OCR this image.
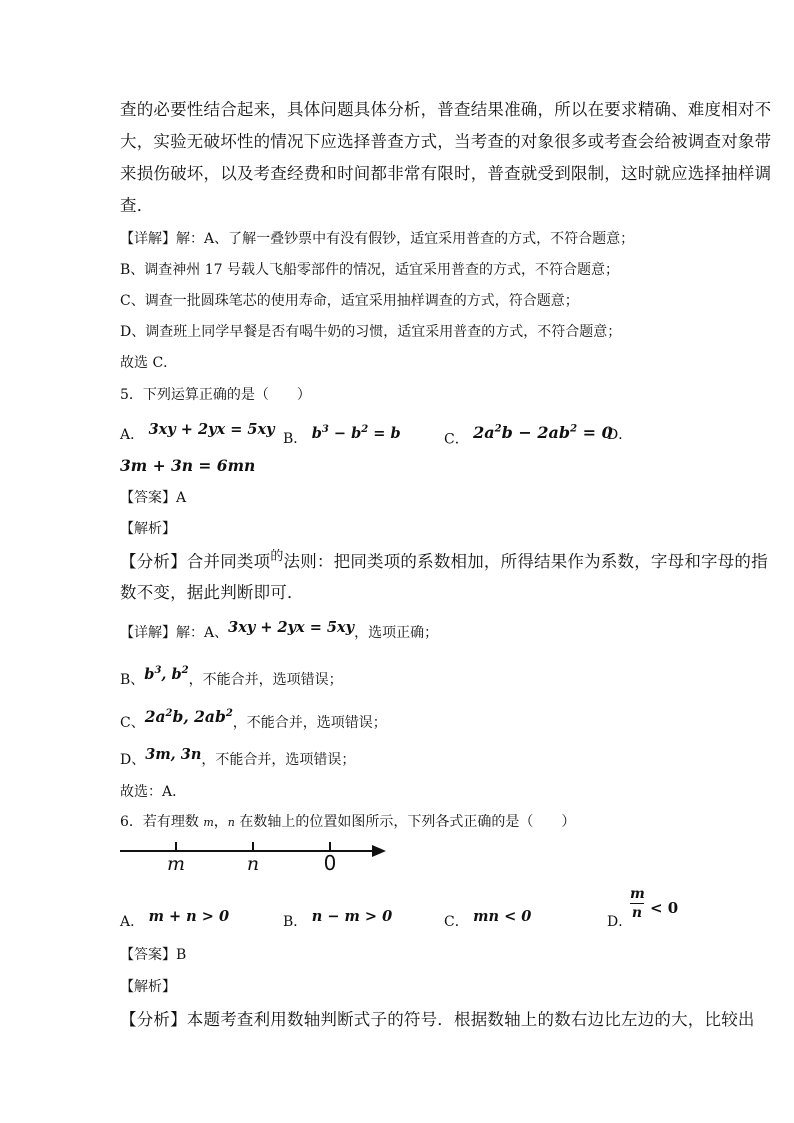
查的必要性结合起来，具体问题具体分析，普查结果准确，所以在要求精确、难度相对不
大，实验无破坏性的情况下应选择普查方式，当考查的对象很多或考查会给被调查对象带
来损伤破坏，以及考查经费和时间都非常有限时，普查就受到限制，这时就应选择抽样调
查．
【详解】解：A、了解一叠钞票中有没有假钞，适宜采用普查的方式，不符合题意；
B、调查神州 17 号载人飞船零部件的情况，适宜采用普查的方式，不符合题意；
C、调查一批圆珠笔芯的使用寿命，适宜采用抽样调查的方式，符合题意；
D、调查班上同学早餐是否有喝牛奶的习惯，适宜采用普查的方式，不符合题意；
故选 C．
5．下列运算正确的是（　　）
A． 3xy + 2yx = 5xy
B． $b^3 - b^2 = b$	C． $2a^2b - 2ab^2 = 0$
D．
3m + 3n = 6mn
【答案】A
【解析】
【分析】合并同类项$^的$法则：把同类项的系数相加，所得结果作为系数，字母和字母的指
数不变，据此判断即可．
【详解】解：A、3xy + 2yx = 5xy，选项正确；
B、$b^3$, $b^2$，不能合并，选项错误；
C、$2a^2b$, $2ab^2$，不能合并，选项错误；
D、3m, 3n，不能合并，选项错误；
故选：A．
6．若有理数 m，n 在数轴上的位置如图所示，下列各式正确的是（　　）
m	n	0
A． m + n > 0	B． n − m > 0	C． mn < 0	D．
m
n < 0
【答案】B
【解析】
【分析】本题考查利用数轴判断式子的符号．根据数轴上的数右边比左边的大，比较出
